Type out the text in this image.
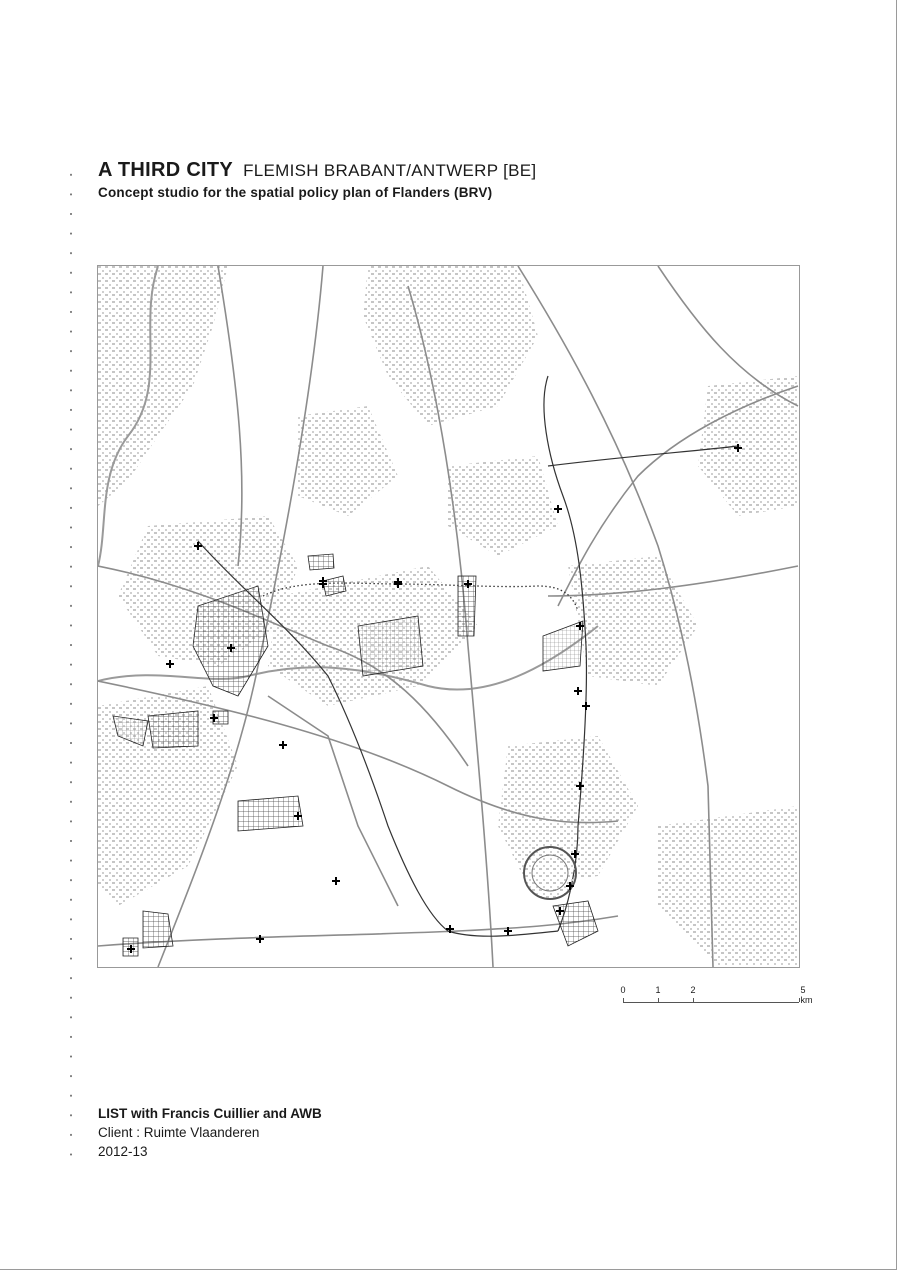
A THIRD CITY FLEMISH BRABANT/ANTWERP [BE]
Concept studio for the spatial policy plan of Flanders (BRV)
0	1	2	5 km
LIST with Francis Cuillier and AWB
Client : Ruimte Vlaanderen
2012-13
